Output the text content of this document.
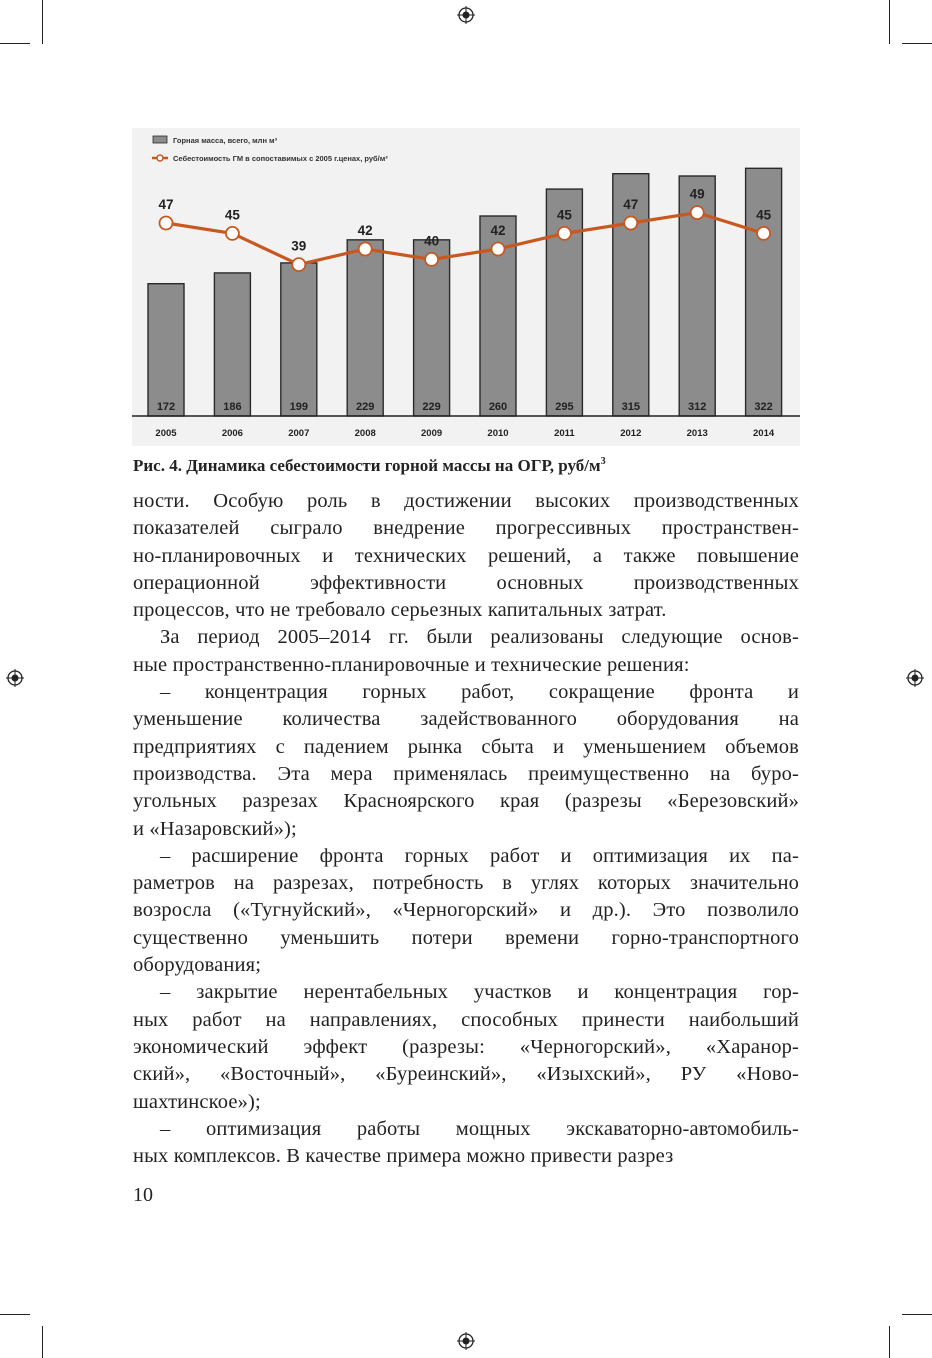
Горная масса, всего, млн м³
Себестоимость ГМ в сопоставимых с 2005 г.ценах, руб/м³
172	186	199	229	229	260	295	315	312	322
2005	2006	2007	2008	2009	2010	2011	2012	2013	2014
47
45
39
42
40
42
45
47
49
45
Рис. 4. Динамика себестоимости горной массы на ОГР, руб/$м^3$

ности. Особую роль в достижении высоких производственных

показателей сыграло внедрение прогрессивных пространствен-

но-планировочных и технических решений, а также повышение

операционной эффективности основных производственных

процессов, что не требовало серьезных капитальных затрат.

За период 2005–2014 гг. были реализованы следующие основ-

ные пространственно-планировочные и технические решения:

– концентрация горных работ, сокращение фронта и

уменьшение количества задействованного оборудования на

предприятиях с падением рынка сбыта и уменьшением объемов

производства. Эта мера применялась преимущественно на буро-

угольных разрезах Красноярского края (разрезы «Березовский»

и «Назаровский»);

– расширение фронта горных работ и оптимизация их па-

раметров на разрезах, потребность в углях которых значительно

возросла («Тугнуйский», «Черногорский» и др.). Это позволило

существенно уменьшить потери времени горно-транспортного

оборудования;

– закрытие нерентабельных участков и концентрация гор-

ных работ на направлениях, способных принести наибольший

экономический эффект (разрезы: «Черногорский», «Харанор-

ский», «Восточный», «Буреинский», «Изыхский», РУ «Ново-

шахтинское»);

– оптимизация работы мощных экскаваторно-автомобиль-

ных комплексов. В качестве примера можно привести разрез

10
